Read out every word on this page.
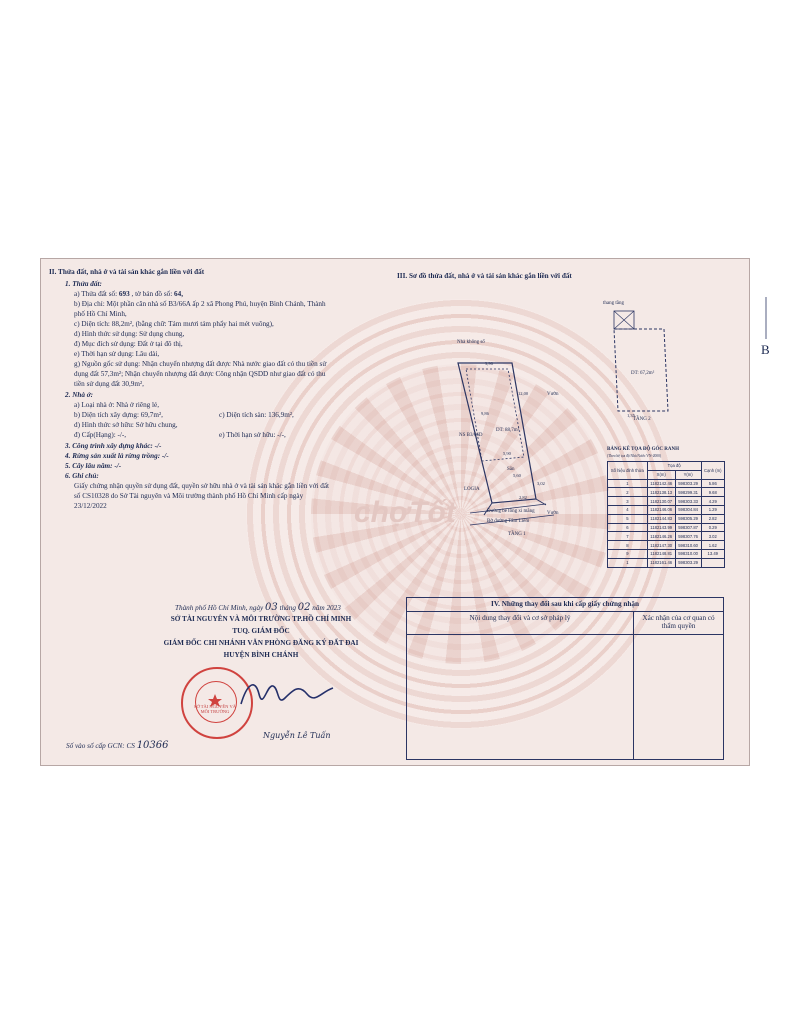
II. Thửa đất, nhà ở và tài sản khác gắn liền với đất
1. Thửa đất:
a) Thửa đất số: 693 , tờ bản đồ số: 64,
b) Địa chỉ: Một phần căn nhà số B3/66A ấp 2 xã Phong Phú, huyện Bình Chánh, Thành
phố Hồ Chí Minh,
c) Diện tích: 88,2m², (bằng chữ: Tám mươi tám phẩy hai mét vuông),
d) Hình thức sử dụng: Sử dụng chung,
đ) Mục đích sử dụng: Đất ở tại đô thị,
e) Thời hạn sử dụng: Lâu dài,
g) Nguồn gốc sử dụng: Nhận chuyển nhượng đất được Nhà nước giao đất có thu tiền sử
dụng đất 57,3m²; Nhận chuyển nhượng đất được Công nhận QSDD như giao đất có thu
tiền sử dụng đất 30,9m²,
2. Nhà ở:
a) Loại nhà ở: Nhà ở riêng lẻ,
b) Diện tích xây dựng: 69,7m²,	c) Diện tích sàn: 136,9m²,
d) Hình thức sở hữu: Sở hữu chung,
đ) Cấp(Hạng): -/-,	e) Thời hạn sở hữu: -/-,
3. Công trình xây dựng khác: -/-
4. Rừng sản xuất là rừng trồng: -/-
5. Cây lâu năm: -/-
6. Ghi chú:
Giấy chứng nhận quyền sử dụng đất, quyền sở hữu nhà ở và tài sản khác gắn liền với đất
số CS10328 do Sở Tài nguyên và Môi trường thành phố Hồ Chí Minh cấp ngày
23/12/2022
Thành phố Hồ Chí Minh, ngày 03 tháng 02 năm 2023
SỞ TÀI NGUYÊN VÀ MÔI TRƯỜNG TP.HỒ CHÍ MINH
TUQ. GIÁM ĐỐC
GIÁM ĐỐC CHI NHÁNH VĂN PHÒNG ĐĂNG KÝ ĐẤT ĐAI
HUYỆN BÌNH CHÁNH
SỞ TÀI NGUYÊN VÀ MÔI TRƯỜNG
Nguyễn Lê Tuấn
Số vào sổ cấp GCN: CS 10366
III. Sơ đồ thửa đất, nhà ở và tài sản khác gắn liền với đất
thang tầng
DT: 67,2m²
TẦNG 2
Nhà không số
DT: 88,7m²
NS B3/66D
Vườn
Vườn
Sân
LOGIA
Đường bê tông xi măng
Bờ đường Tâm Liêm
TẦNG 1
3,96
12,00
9,86
5,90
5,60
3,02
2,82
1,35
B
chợTốt
BẢNG KÊ TỌA ĐỘ GÓC RANH
(Theo hệ tọa độ Nhà Nước VN-2000)
Số hiệu đỉnh thửa	Tọa độ		Cạnh (m)
	X(m)	Y(m)	
1	1182142.46	598303.29	5.86
2	1182138.13	598299.31	9.68
3	1182130.07	598303.33	4.29
4	1182146.06	598304.84	1.29
5	1182144.83	598305.29	2.82
6	1182143.99	598307.87	0.29
7	1182146.26	598307.76	3.02
8	1182147.30	598310.60	1.62
9	1182148.81	598310.00	13.49
1	1182161.46	598303.29	
IV. Những thay đổi sau khi cấp giấy chứng nhận	
Nội dung thay đổi và cơ sở pháp lý	Xác nhận của cơ quan có thẩm quyền
